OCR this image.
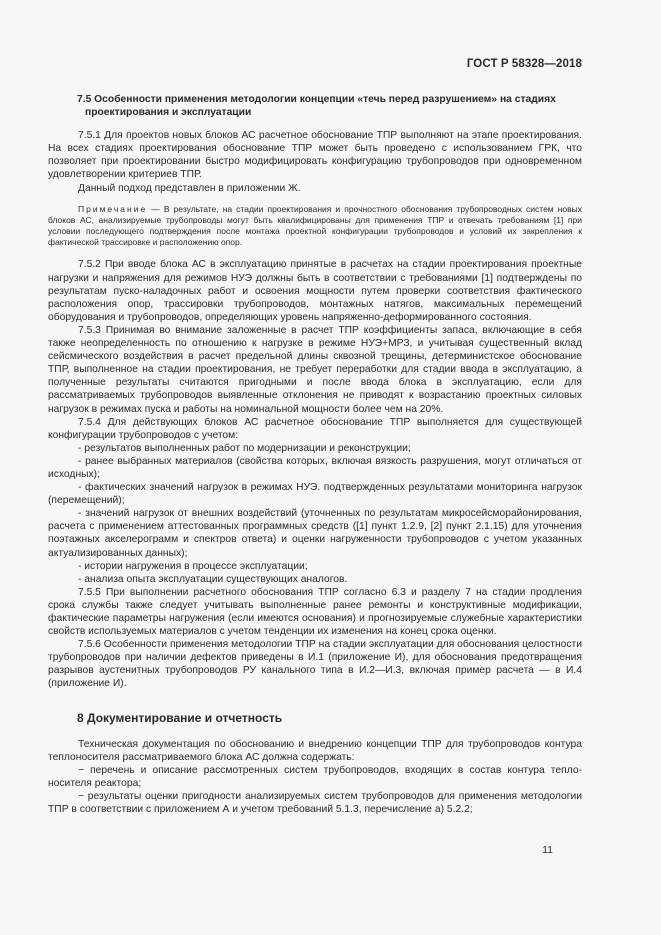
ГОСТ Р 58328—2018

7.5 Особенности применения методологии концепции «течь перед разрушением» на стадиях
проектирования и эксплуатации

7.5.1 Для проектов новых блоков АС расчетное обоснование ТПР выполняют на этапе проектирования. На всех стадиях проектирования обоснование ТПР может быть проведено с использованием ГРК, что позволяет при проектировании быстро модифицировать конфигурацию трубопроводов при одновременном удовлетворении критериев ТПР.

Данный подход представлен в приложении Ж.

Примечание — В результате, на стадии проектирования и прочностного обоснования трубопроводных систем новых блоков АС, анализируемые трубопроводы могут быть квалифицированы для применения ТПР и отвечать требованиям [1] при условии последующего подтверждения после монтажа проектной конфигурации трубопроводов и условий их закрепления к фактической трассировке и расположению опор.

7.5.2 При вводе блока АС в эксплуатацию принятые в расчетах на стадии проектирования проектные нагрузки и напряжения для режимов НУЭ должны быть в соответствии с требованиями [1] подтверждены по результатам пуско-наладочных работ и освоения мощности путем проверки соответствия фактического расположения опор, трассировки трубопроводов, монтажных натягов, максимальных перемещений оборудования и трубопроводов, определяющих уровень напряженно-деформированного состояния.

7.5.3 Принимая во внимание заложенные в расчет ТПР коэффициенты запаса, включающие в себя также неопределенность по отношению к нагрузке в режиме НУЭ+МРЗ, и учитывая существенный вклад сейсмического воздействия в расчет предельной длины сквозной трещины, детерминистское обоснование ТПР, выполненное на стадии проектирования, не требует переработки для стадии ввода в эксплуатацию, а полученные результаты считаются пригодными и после ввода блока в эксплуатацию, если для рассматриваемых трубопроводов выявленные отклонения не приводят к возрастанию проектных силовых нагрузок в режимах пуска и работы на номинальной мощности более чем на 20%.

7.5.4 Для действующих блоков АС расчетное обоснование ТПР выполняется для существующей конфигурации трубопроводов с учетом:

- результатов выполненных работ по модернизации и реконструкции;

- ранее выбранных материалов (свойства которых, включая вязкость разрушения, могут отличаться от исходных);

- фактических значений нагрузок в режимах НУЭ. подтвержденных результатами мониторинга нагрузок (перемещений);

- значений нагрузок от внешних воздействий (уточненных по результатам микросейсморайонирования, расчета с применением аттестованных программных средств ([1] пункт 1.2.9, [2] пункт 2.1.15) для уточнения поэтажных акселерограмм и спектров ответа) и оценки нагруженности трубопроводов с учетом указанных актуализированных данных);

- истории нагружения в процессе эксплуатации;

- анализа опыта эксплуатации существующих аналогов.

7.5.5 При выполнении расчетного обоснования ТПР согласно 6.3 и разделу 7 на стадии продления срока службы также следует учитывать выполненные ранее ремонты и конструктивные модификации, фактические параметры нагружения (если имеются основания) и прогнозируемые служебные характеристики свойств используемых материалов с учетом тенденции их изменения на конец срока оценки.

7.5.6 Особенности применения методологии ТПР на стадии эксплуатации для обоснования целостности трубопроводов при наличии дефектов приведены в И.1 (приложение И), для обоснования предотвращения разрывов аустенитных трубопроводов РУ канального типа в И.2—И.3, включая пример расчета — в И.4 (приложение И).

8 Документирование и отчетность

Техническая документация по обоснованию и внедрению концепции ТПР для трубопроводов контура теплоносителя рассматриваемого блока АС должна содержать:

− перечень и описание рассмотренных систем трубопроводов, входящих в состав контура теплоносителя реактора;

− результаты оценки пригодности анализируемых систем трубопроводов для применения методологии ТПР в соответствии с приложением А и учетом требований 5.1.3, перечисление а) 5.2.2;

11
